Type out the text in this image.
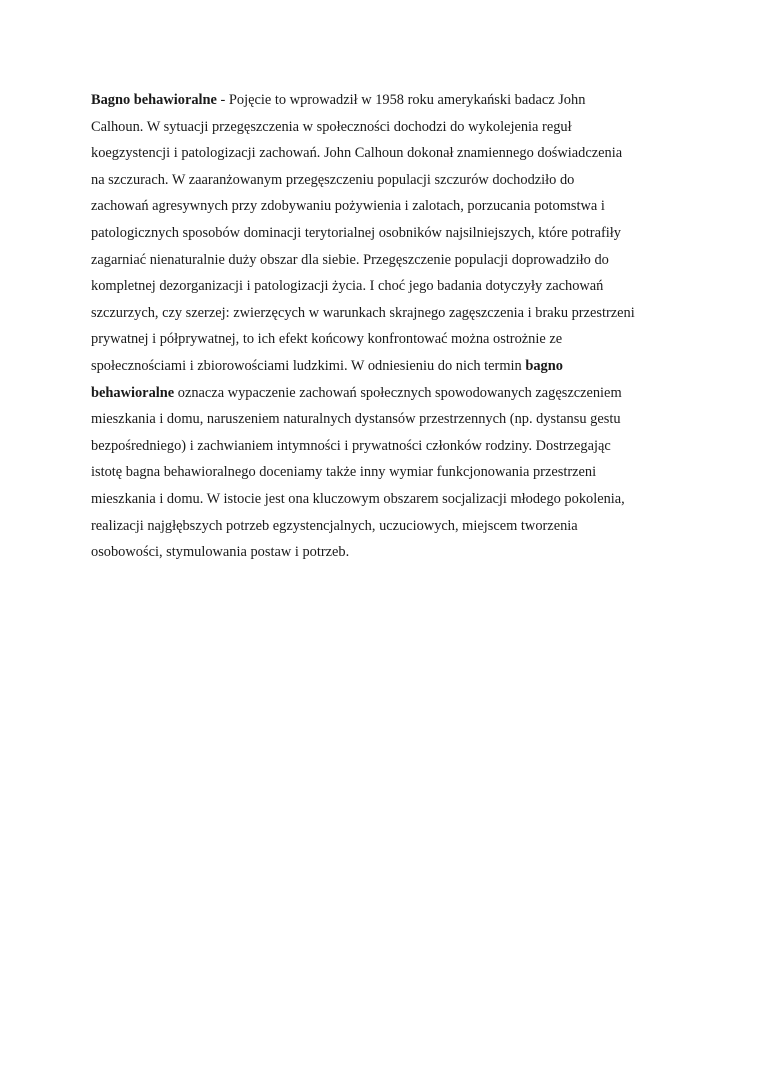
Bagno behawioralne - Pojęcie to wprowadził w 1958 roku amerykański badacz John
Calhoun. W sytuacji przegęszczenia w społeczności dochodzi do wykolejenia reguł
koegzystencji i patologizacji zachowań. John Calhoun dokonał znamiennego doświadczenia
na szczurach. W zaaranżowanym przegęszczeniu populacji szczurów dochodziło do
zachowań agresywnych przy zdobywaniu pożywienia i zalotach, porzucania potomstwa i
patologicznych sposobów dominacji terytorialnej osobników najsilniejszych, które potrafiły
zagarniać nienaturalnie duży obszar dla siebie. Przegęszczenie populacji doprowadziło do
kompletnej dezorganizacji i patologizacji życia. I choć jego badania dotyczyły zachowań
szczurzych, czy szerzej: zwierzęcych w warunkach skrajnego zagęszczenia i braku przestrzeni
prywatnej i półprywatnej, to ich efekt końcowy konfrontować można ostrożnie ze
społecznościami i zbiorowościami ludzkimi. W odniesieniu do nich termin bagno
behawioralne oznacza wypaczenie zachowań społecznych spowodowanych zagęszczeniem
mieszkania i domu, naruszeniem naturalnych dystansów przestrzennych (np. dystansu gestu
bezpośredniego) i zachwianiem intymności i prywatności członków rodziny. Dostrzegając
istotę bagna behawioralnego doceniamy także inny wymiar funkcjonowania przestrzeni
mieszkania i domu. W istocie jest ona kluczowym obszarem socjalizacji młodego pokolenia,
realizacji najgłębszych potrzeb egzystencjalnych, uczuciowych, miejscem tworzenia
osobowości, stymulowania postaw i potrzeb.
